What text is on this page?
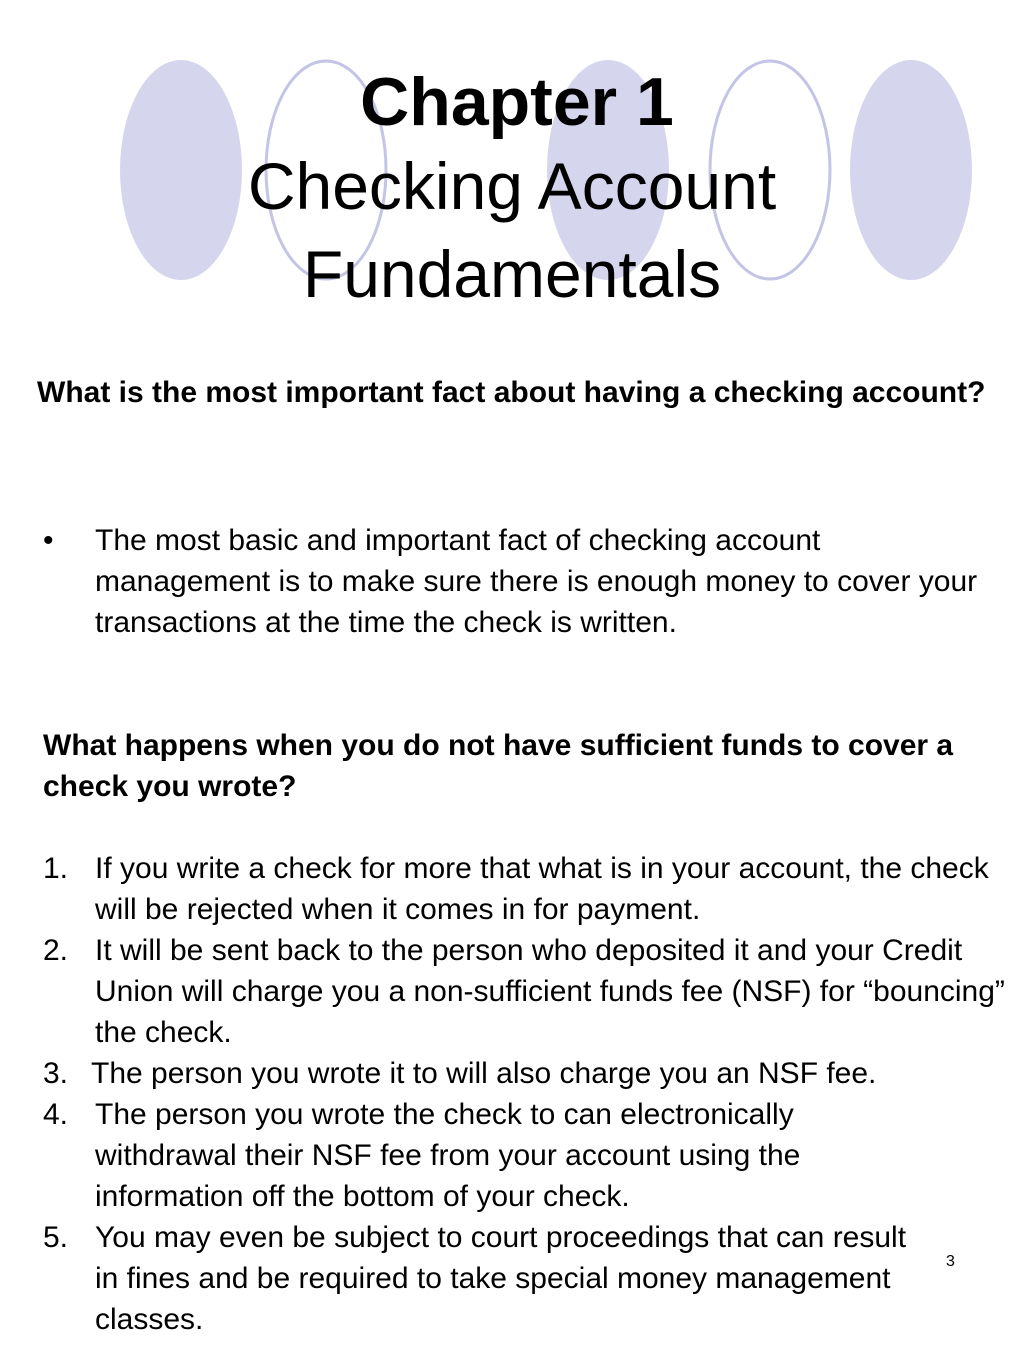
Chapter 1
Checking Account Fundamentals

What is the most important fact about having a checking account?

• The most basic and important fact of checking account management is to make sure there is enough money to cover your transactions at the time the check is written.

What happens when you do not have sufficient funds to cover a check you wrote?

1. If you write a check for more that what is in your account, the check will be rejected when it comes in for payment.
2. It will be sent back to the person who deposited it and your Credit Union will charge you a non-sufficient funds fee (NSF) for “bouncing” the check.
3. The person you wrote it to will also charge you an NSF fee.
4. The person you wrote the check to can electronically withdrawal their NSF fee from your account using the information off the bottom of your check.
5. You may even be subject to court proceedings that can result in fines and be required to take special money management classes.
3
